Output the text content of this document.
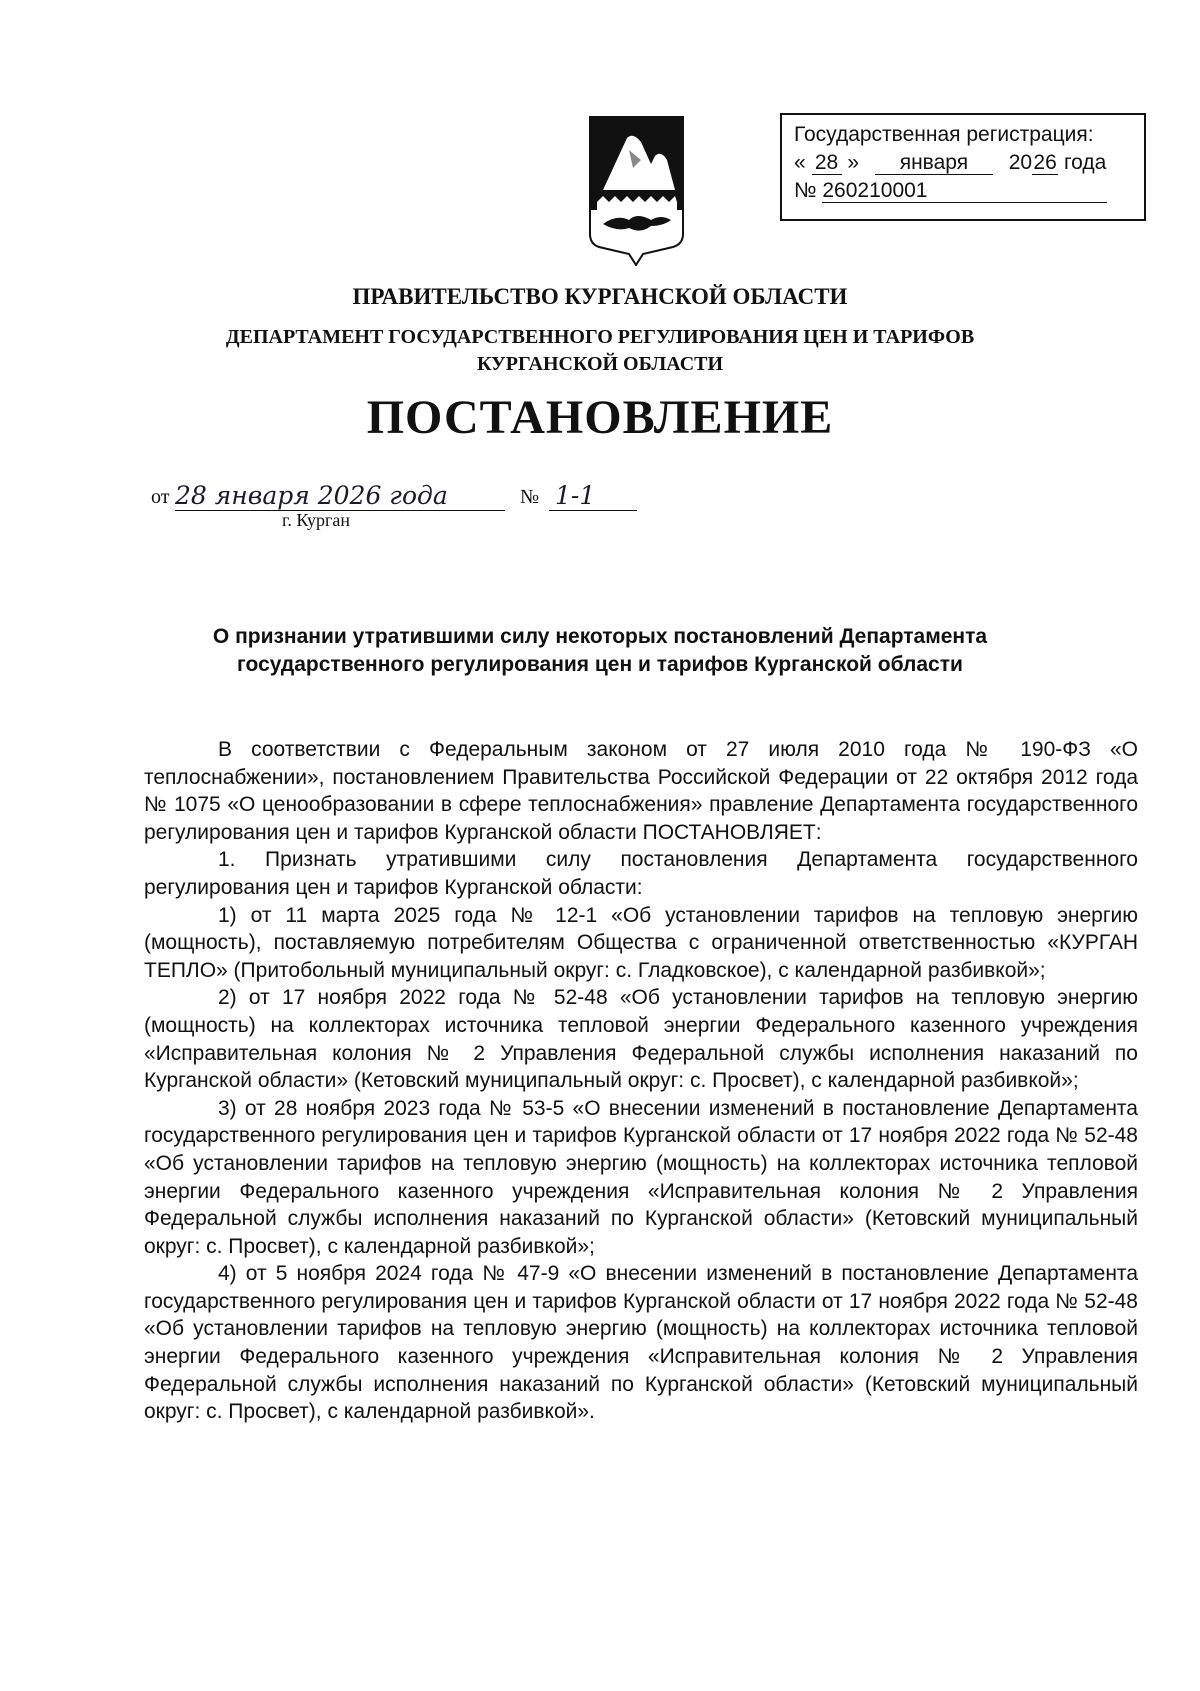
Государственная регистрация:
« 28 » января 2026 года
№ 260210001
ПРАВИТЕЛЬСТВО КУРГАНСКОЙ ОБЛАСТИ
ДЕПАРТАМЕНТ ГОСУДАРСТВЕННОГО РЕГУЛИРОВАНИЯ ЦЕН И ТАРИФОВ
КУРГАНСКОЙ ОБЛАСТИ
ПОСТАНОВЛЕНИЕ
от 28 января 2026 года	№ 1-1
г. Курган
О признании утратившими силу некоторых постановлений Департамента
государственного регулирования цен и тарифов Курганской области

В соответствии с Федеральным законом от 27 июля 2010 года № 190-ФЗ «О теплоснабжении», постановлением Правительства Российской Федерации от 22 октября 2012 года № 1075 «О ценообразовании в сфере теплоснабжения» правление Департамента государственного регулирования цен и тарифов Курганской области ПОСТАНОВЛЯЕТ:

1. Признать утратившими силу постановления Департамента государственного регулирования цен и тарифов Курганской области:

1) от 11 марта 2025 года № 12-1 «Об установлении тарифов на тепловую энергию (мощность), поставляемую потребителям Общества с ограниченной ответственностью «КУРГАН ТЕПЛО» (Притобольный муниципальный округ: с. Гладковское), с календарной разбивкой»;

2) от 17 ноября 2022 года № 52-48 «Об установлении тарифов на тепловую энергию (мощность) на коллекторах источника тепловой энергии Федерального казенного учреждения «Исправительная колония № 2 Управления Федеральной службы исполнения наказаний по Курганской области» (Кетовский муниципальный округ: с. Просвет), с календарной разбивкой»;

3) от 28 ноября 2023 года № 53-5 «О внесении изменений в постановление Департамента государственного регулирования цен и тарифов Курганской области от 17 ноября 2022 года № 52-48 «Об установлении тарифов на тепловую энергию (мощность) на коллекторах источника тепловой энергии Федерального казенного учреждения «Исправительная колония № 2 Управления Федеральной службы исполнения наказаний по Курганской области» (Кетовский муниципальный округ: с. Просвет), с календарной разбивкой»;

4) от 5 ноября 2024 года № 47-9 «О внесении изменений в постановление Департамента государственного регулирования цен и тарифов Курганской области от 17 ноября 2022 года № 52-48 «Об установлении тарифов на тепловую энергию (мощность) на коллекторах источника тепловой энергии Федерального казенного учреждения «Исправительная колония № 2 Управления Федеральной службы исполнения наказаний по Курганской области» (Кетовский муниципальный округ: с. Просвет), с календарной разбивкой».
